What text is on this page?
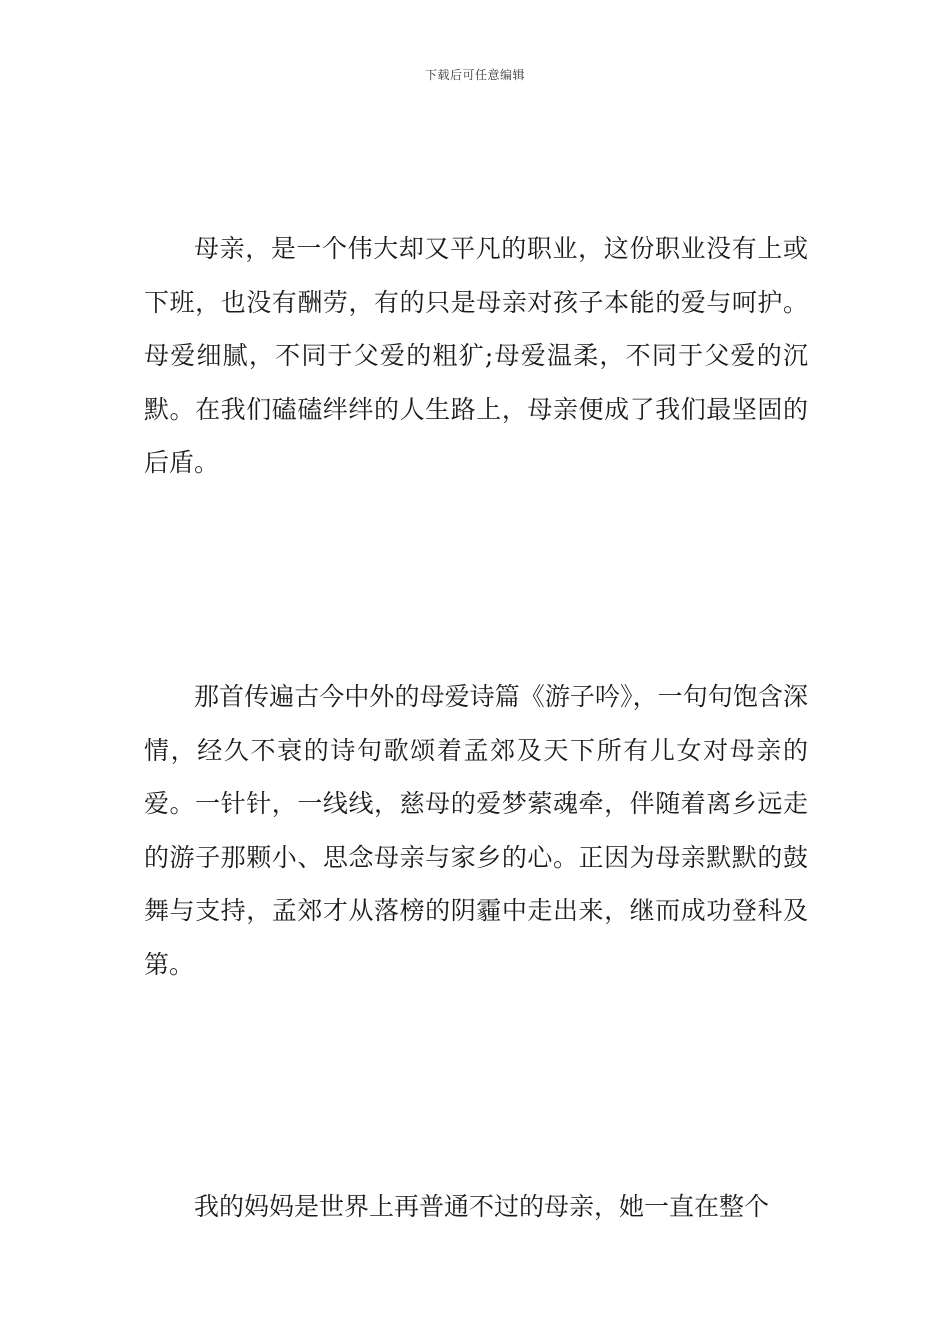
下载后可任意编辑

母亲，是一个伟大却又平凡的职业，这份职业没有上或下班，也没有酬劳，有的只是母亲对孩子本能的爱与呵护。母爱细腻，不同于父爱的粗犷;母爱温柔，不同于父爱的沉默。在我们磕磕绊绊的人生路上，母亲便成了我们最坚固的后盾。

那首传遍古今中外的母爱诗篇《游子吟》，一句句饱含深情，经久不衰的诗句歌颂着孟郊及天下所有儿女对母亲的爱。一针针，一线线，慈母的爱梦萦魂牵，伴随着离乡远走的游子那颗小、思念母亲与家乡的心。正因为母亲默默的鼓舞与支持，孟郊才从落榜的阴霾中走出来，继而成功登科及第。

我的妈妈是世界上再普通不过的母亲，她一直在整个
